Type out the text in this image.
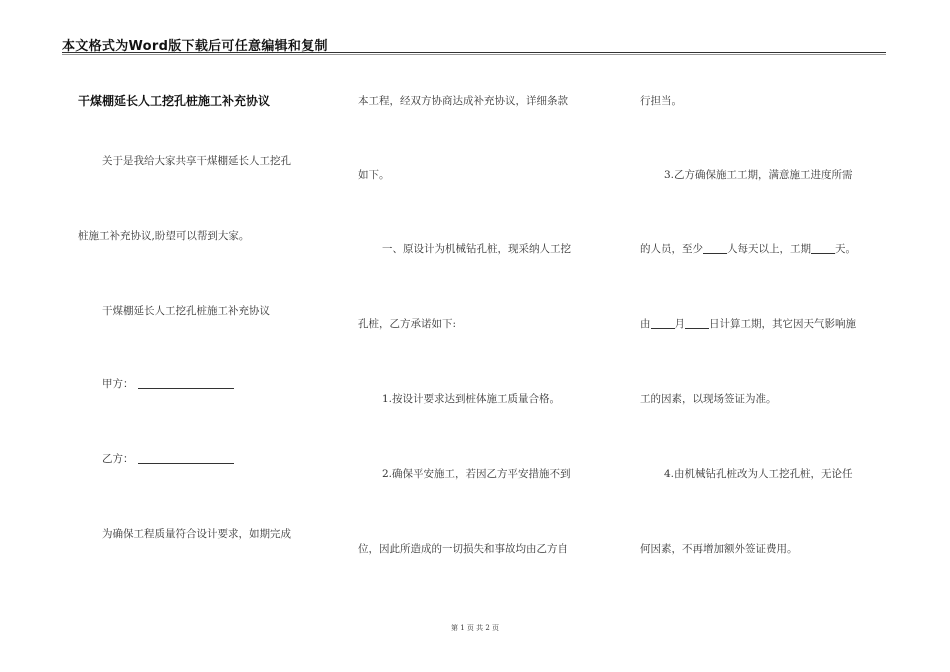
本文格式为Word版下载后可任意编辑和复制
干煤棚延长人工挖孔桩施工补充协议
关于是我给大家共享干煤棚延长人工挖孔
桩施工补充协议,盼望可以帮到大家。
干煤棚延长人工挖孔桩施工补充协议
甲方：
乙方：
为确保工程质量符合设计要求，如期完成
本工程，经双方协商达成补充协议，详细条款
如下。
一、原设计为机械钻孔桩，现采纳人工挖
孔桩，乙方承诺如下:
1.按设计要求达到桩体施工质量合格。
2.确保平安施工，若因乙方平安措施不到
位，因此所造成的一切损失和事故均由乙方自
行担当。
3.乙方确保施工工期，满意施工进度所需
的人员，至少 人每天以上，工期 天。
由 月 日计算工期，其它因天气影响施
工的因素，以现场签证为准。
4.由机械钻孔桩改为人工挖孔桩，无论任
何因素，不再增加额外签证费用。
第 1 页 共 2 页
